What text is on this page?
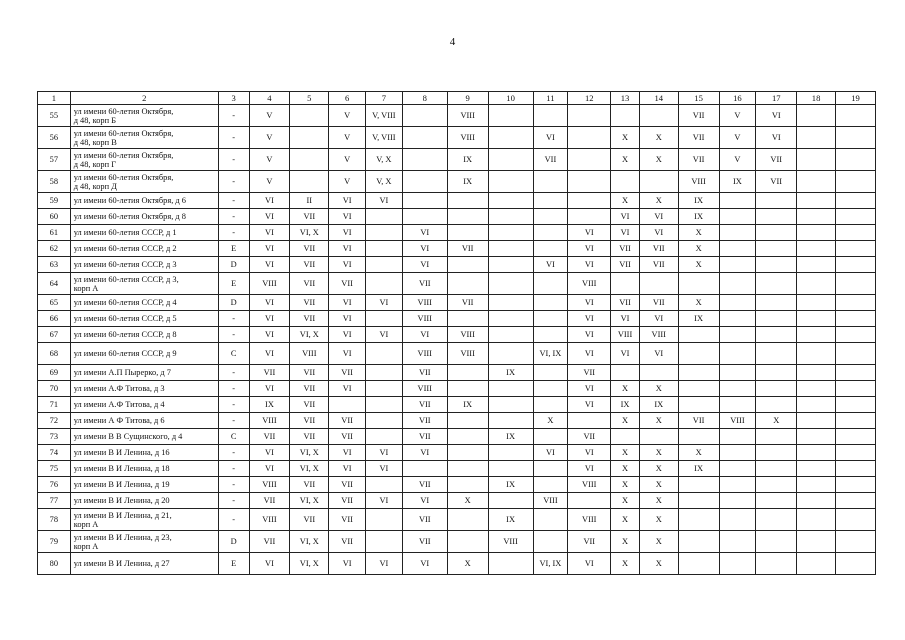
4
1	2	3	4	5	6	7	8	9	10	11	12	13	14	15	16	17	18	19
55	ул имени 60-летия Октября,
д 48, корп Б	-	V		V	V, VIII		VIII						VII	V	VI		
56	ул имени 60-летия Октября,
д 48, корп В	-	V		V	V, VIII		VIII		VI		X	X	VII	V	VI		
57	ул имени 60-летия Октября,
д 48, корп Г	-	V		V	V, X		IX		VII		X	X	VII	V	VII		
58	ул имени 60-летия Октября,
д 48, корп Д	-	V		V	V, X		IX						VIII	IX	VII		
59	ул имени 60-летия Октября, д 6	-	VI	II	VI	VI						X	X	IX				
60	ул имени 60-летия Октября, д 8	-	VI	VII	VI							VI	VI	IX				
61	ул имени 60-летия СССР, д 1	-	VI	VI, X	VI		VI				VI	VI	VI	X				
62	ул имени 60-летия СССР, д 2	E	VI	VII	VI		VI	VII			VI	VII	VII	X				
63	ул имени 60-летия СССР, д 3	D	VI	VII	VI		VI			VI	VI	VII	VII	X				
64	ул имени 60-летия СССР, д 3,
корп А	E	VIII	VII	VII		VII				VIII							
65	ул имени 60-летия СССР, д 4	D	VI	VII	VI	VI	VIII	VII			VI	VII	VII	X				
66	ул имени 60-летия СССР, д 5	-	VI	VII	VI		VIII				VI	VI	VI	IX				
67	ул имени 60-летия СССР, д 8	-	VI	VI, X	VI	VI	VI	VIII			VI	VIII	VIII					
68	ул имени 60-летия СССР, д 9	C	VI	VIII	VI		VIII	VIII		VI, IX	VI	VI	VI					
69	ул имени А.П Пырерко, д 7	-	VII	VII	VII		VII		IX		VII							
70	ул имени А.Ф Титова, д 3	-	VI	VII	VI		VIII				VI	X	X					
71	ул имени А.Ф Титова, д 4	-	IX	VII			VII	IX			VI	IX	IX					
72	ул имени А Ф Титова, д 6	-	VIII	VII	VII		VII			X		X	X	VII	VIII	X		
73	ул имени В В Сущинского, д 4	C	VII	VII	VII		VII		IX		VII							
74	ул имени В И Ленина, д 16	-	VI	VI, X	VI	VI	VI			VI	VI	X	X	X				
75	ул имени В И Ленина, д 18	-	VI	VI, X	VI	VI					VI	X	X	IX				
76	ул имени В И Ленина, д 19	-	VIII	VII	VII		VII		IX		VIII	X	X					
77	ул имени В И Ленина, д 20	-	VII	VI, X	VII	VI	VI	X		VIII		X	X					
78	ул имени В И Ленина, д 21,
корп А	-	VIII	VII	VII		VII		IX		VIII	X	X					
79	ул имени В И Ленина, д 23,
корп А	D	VII	VI, X	VII		VII		VIII		VII	X	X					
80	ул имени В И Ленина, д 27	E	VI	VI, X	VI	VI	VI	X		VI, IX	VI	X	X					
